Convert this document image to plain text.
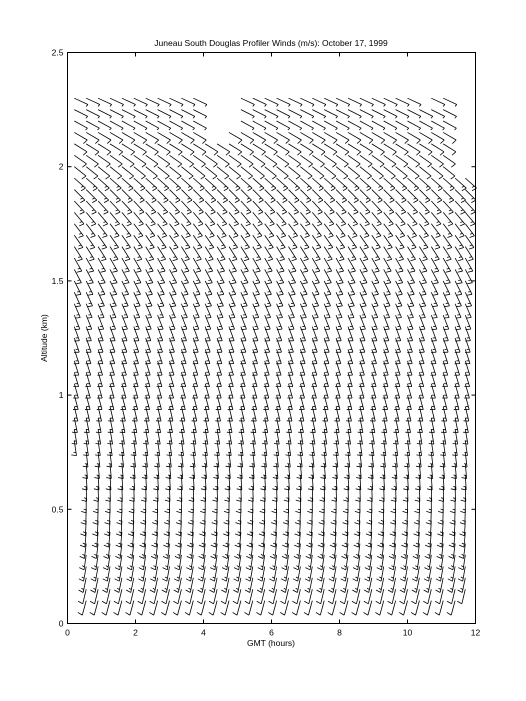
Juneau South Douglas Profiler Winds (m/s): October 17, 1999
0	2	4	6	8	10	12
0
0.5
1
1.5
2
2.5
GMT (hours)
Altitude (km)
